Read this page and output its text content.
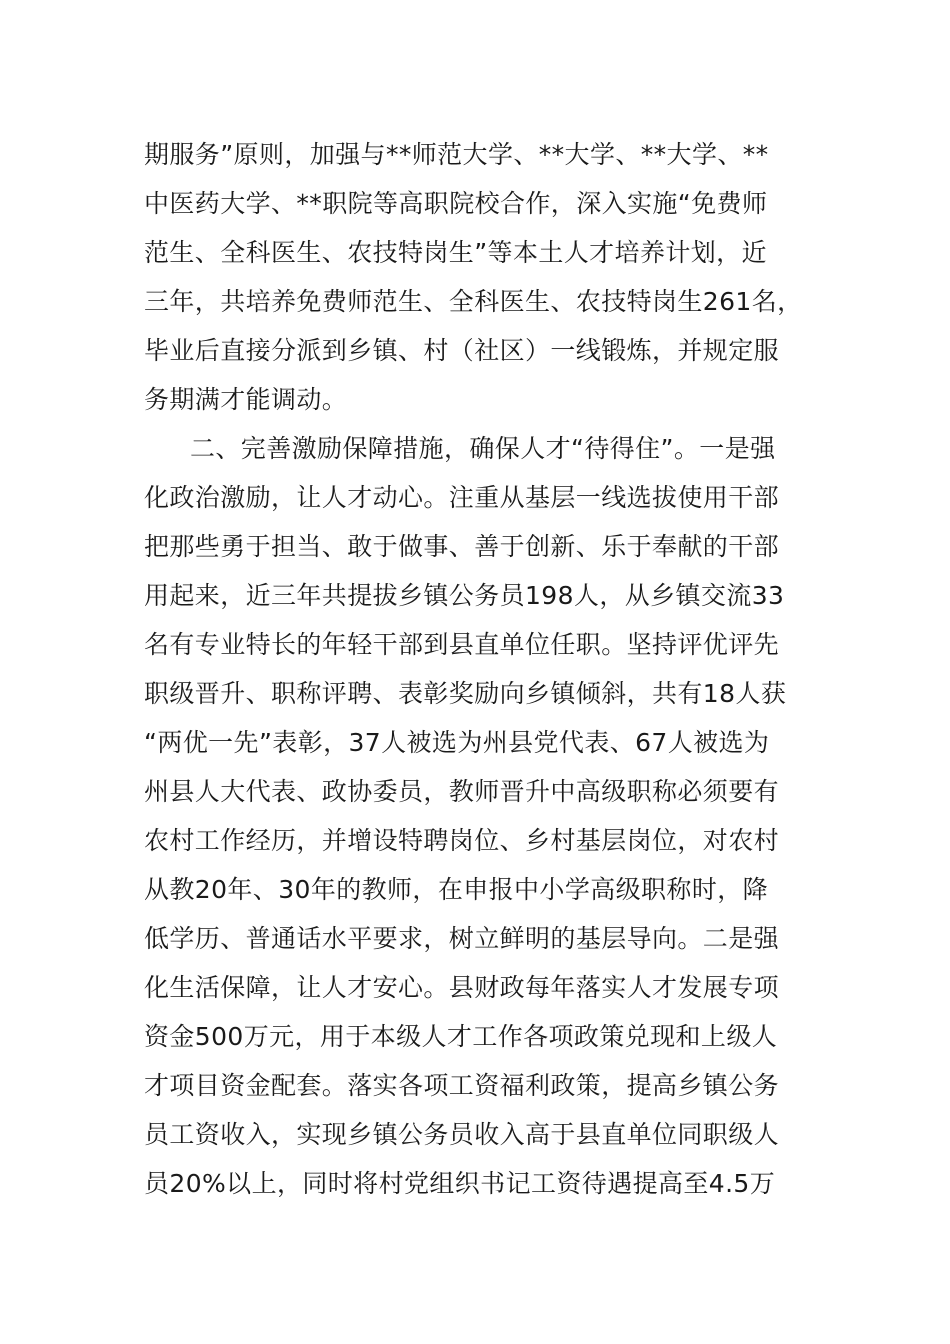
期服务”原则，加强与**师范大学、**大学、**大学、**
中医药大学、**职院等高职院校合作，深入实施“免费师
范生、全科医生、农技特岗生”等本土人才培养计划，近
三年，共培养免费师范生、全科医生、农技特岗生261名，
毕业后直接分派到乡镇、村（社区）一线锻炼，并规定服
务期满才能调动。
二、完善激励保障措施，确保人才“待得住”。一是强
化政治激励，让人才动心。注重从基层一线选拔使用干部
把那些勇于担当、敢于做事、善于创新、乐于奉献的干部
用起来，近三年共提拔乡镇公务员198人，从乡镇交流33
名有专业特长的年轻干部到县直单位任职。坚持评优评先
职级晋升、职称评聘、表彰奖励向乡镇倾斜，共有18人获
“两优一先”表彰，37人被选为州县党代表、67人被选为
州县人大代表、政协委员，教师晋升中高级职称必须要有
农村工作经历，并增设特聘岗位、乡村基层岗位，对农村
从教20年、30年的教师，在申报中小学高级职称时，降
低学历、普通话水平要求，树立鲜明的基层导向。二是强
化生活保障，让人才安心。县财政每年落实人才发展专项
资金500万元，用于本级人才工作各项政策兑现和上级人
才项目资金配套。落实各项工资福利政策，提高乡镇公务
员工资收入，实现乡镇公务员收入高于县直单位同职级人
员20%以上，同时将村党组织书记工资待遇提高至4.5万
